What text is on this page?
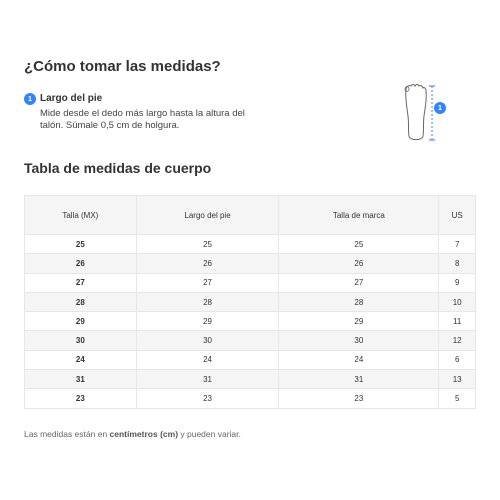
¿Cómo tomar las medidas?
1 Largo del pie

Mide desde el dedo más largo hasta la altura del talón. Súmale 0,5 cm de holgura.

1
Tabla de medidas de cuerpo
Talla (MX)	Largo del pie	Talla de marca	US
25	25	25	7
26	26	26	8
27	27	27	9
28	28	28	10
29	29	29	11
30	30	30	12
24	24	24	6
31	31	31	13
23	23	23	5

Las medidas están en centímetros (cm) y pueden variar.
